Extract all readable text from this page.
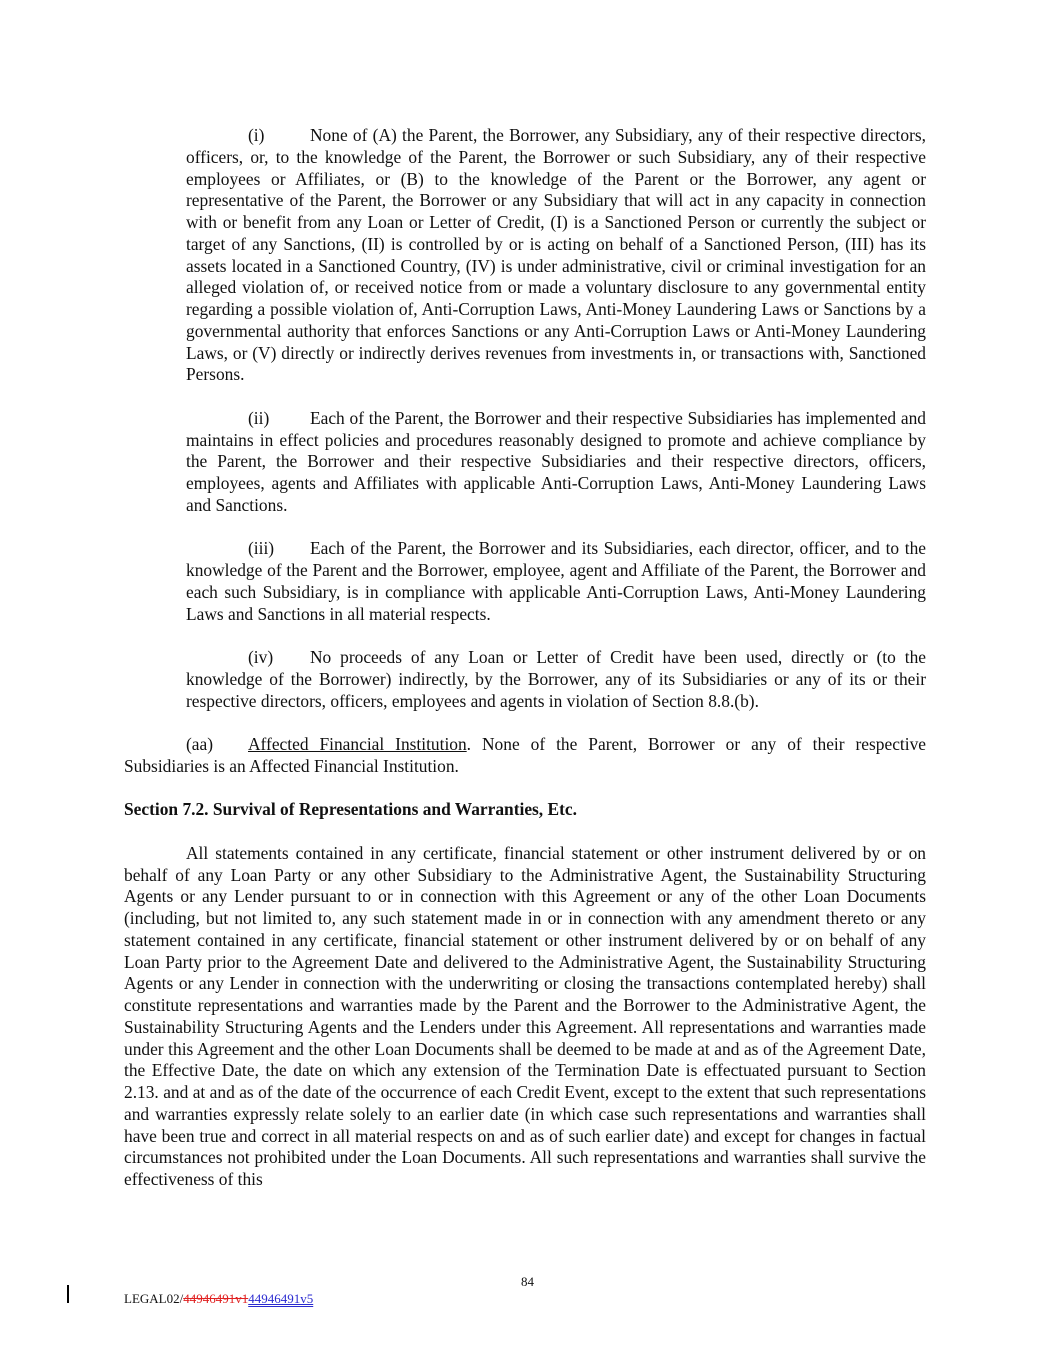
(i)	None of (A) the Parent, the Borrower, any Subsidiary, any of their respective directors, officers, or, to the knowledge of the Parent, the Borrower or such Subsidiary, any of their respective employees or Affiliates, or (B) to the knowledge of the Parent or the Borrower, any agent or representative of the Parent, the Borrower or any Subsidiary that will act in any capacity in connection with or benefit from any Loan or Letter of Credit, (I) is a Sanctioned Person or currently the subject or target of any Sanctions, (II) is controlled by or is acting on behalf of a Sanctioned Person, (III) has its assets located in a Sanctioned Country, (IV) is under administrative, civil or criminal investigation for an alleged violation of, or received notice from or made a voluntary disclosure to any governmental entity regarding a possible violation of, Anti-Corruption Laws, Anti-Money Laundering Laws or Sanctions by a governmental authority that enforces Sanctions or any Anti-Corruption Laws or Anti-Money Laundering Laws, or (V) directly or indirectly derives revenues from investments in, or transactions with, Sanctioned Persons.

(ii) Each of the Parent, the Borrower and their respective Subsidiaries has implemented and maintains in effect policies and procedures reasonably designed to promote and achieve compliance by the Parent, the Borrower and their respective Subsidiaries and their respective directors, officers, employees, agents and Affiliates with applicable Anti-Corruption Laws, Anti-Money Laundering Laws and Sanctions.

(iii) Each of the Parent, the Borrower and its Subsidiaries, each director, officer, and to the knowledge of the Parent and the Borrower, employee, agent and Affiliate of the Parent, the Borrower and each such Subsidiary, is in compliance with applicable Anti-Corruption Laws, Anti-Money Laundering Laws and Sanctions in all material respects.

(iv) No proceeds of any Loan or Letter of Credit have been used, directly or (to the knowledge of the Borrower) indirectly, by the Borrower, any of its Subsidiaries or any of its or their respective directors, officers, employees and agents in violation of Section 8.8.(b).

(aa) Affected Financial Institution. None of the Parent, Borrower or any of their respective Subsidiaries is an Affected Financial Institution.

Section 7.2. Survival of Representations and Warranties, Etc.

All statements contained in any certificate, financial statement or other instrument delivered by or on behalf of any Loan Party or any other Subsidiary to the Administrative Agent, the Sustainability Structuring Agents or any Lender pursuant to or in connection with this Agreement or any of the other Loan Documents (including, but not limited to, any such statement made in or in connection with any amendment thereto or any statement contained in any certificate, financial statement or other instrument delivered by or on behalf of any Loan Party prior to the Agreement Date and delivered to the Administrative Agent, the Sustainability Structuring Agents or any Lender in connection with the underwriting or closing the transactions contemplated hereby) shall constitute representations and warranties made by the Parent and the Borrower to the Administrative Agent, the Sustainability Structuring Agents and the Lenders under this Agreement. All representations and warranties made under this Agreement and the other Loan Documents shall be deemed to be made at and as of the Agreement Date, the Effective Date, the date on which any extension of the Termination Date is effectuated pursuant to Section 2.13. and at and as of the date of the occurrence of each Credit Event, except to the extent that such representations and warranties expressly relate solely to an earlier date (in which case such representations and warranties shall have been true and correct in all material respects on and as of such earlier date) and except for changes in factual circumstances not prohibited under the Loan Documents. All such representations and warranties shall survive the effectiveness of this

84
LEGAL02/44946491v144946491v5
